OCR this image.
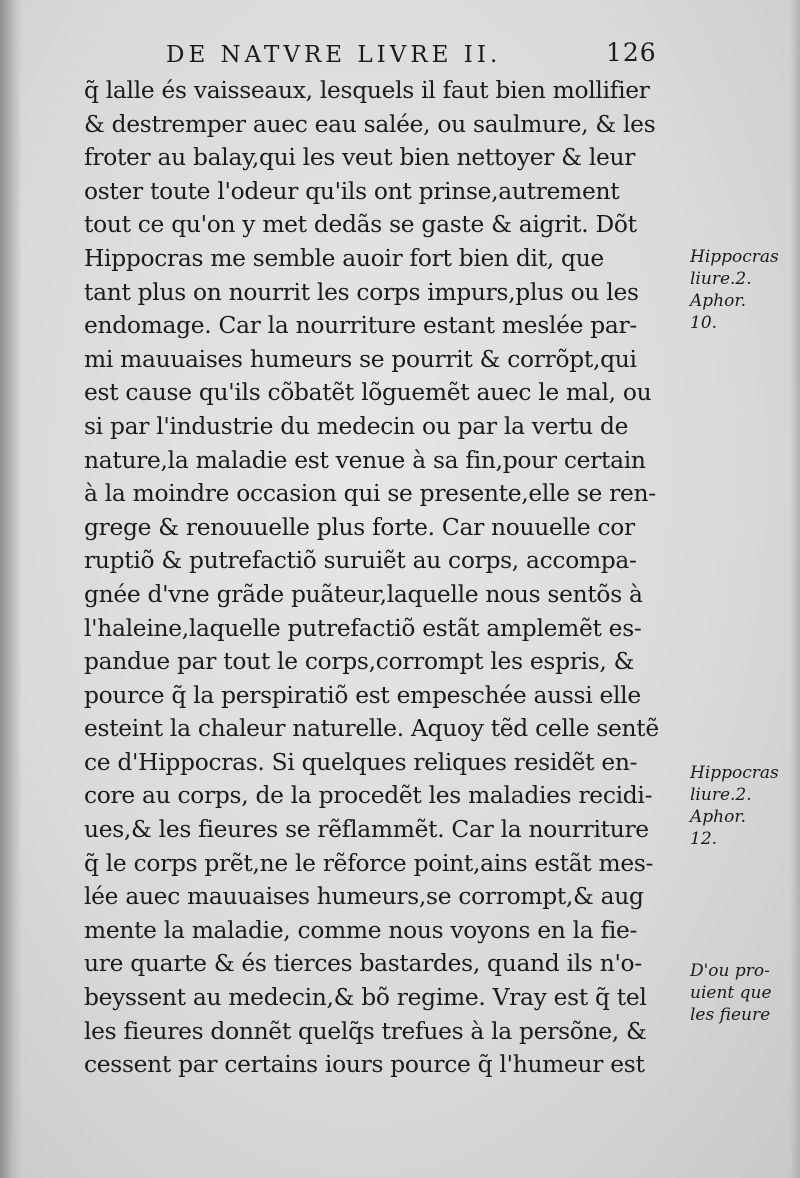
DE NATVRE LIVRE II.	126
q̃ lalle és vaisseaux, lesquels il faut bien mollifier
& destremper auec eau salée, ou saulmure, & les
froter au balay,qui les veut bien nettoyer & leur
oster toute l'odeur qu'ils ont prinse,autrement
tout ce qu'on y met dedãs se gaste & aigrit. Dõt
Hippocras me semble auoir fort bien dit, que
tant plus on nourrit les corps impurs,plus ou les
endomage. Car la nourriture estant meslée par-
mi mauuaises humeurs se pourrit & corrõpt,qui
est cause qu'ils cõbatẽt lõguemẽt auec le mal, ou
si par l'industrie du medecin ou par la vertu de
nature,la maladie est venue à sa fin,pour certain
à la moindre occasion qui se presente,elle se ren-
grege & renouuelle plus forte. Car nouuelle cor
ruptiõ & putrefactiõ suruiẽt au corps, accompa-
gnée d'vne grãde puãteur,laquelle nous sentõs à
l'haleine,laquelle putrefactiõ estãt amplemẽt es-
pandue par tout le corps,corrompt les espris, &
pource q̃ la perspiratiõ est empeschée aussi elle
esteint la chaleur naturelle. Aquoy tẽd celle sentẽ
ce d'Hippocras. Si quelques reliques residẽt en-
core au corps, de la procedẽt les maladies recidi-
ues,& les fieures se rẽflammẽt. Car la nourriture
q̃ le corps prẽt,ne le rẽforce point,ains estãt mes-
lée auec mauuaises humeurs,se corrompt,& aug
mente la maladie, comme nous voyons en la fie-
ure quarte & és tierces bastardes, quand ils n'o-
beyssent au medecin,& bõ regime. Vray est q̃ tel
les fieures donnẽt quelq̃s trefues à la persõne, &
cessent par certains iours pource q̃ l'humeur est
Hippocras
liure.2.
Aphor.
10.
Hippocras
liure.2.
Aphor.
12.
D'ou pro-
uient que
les fieure
